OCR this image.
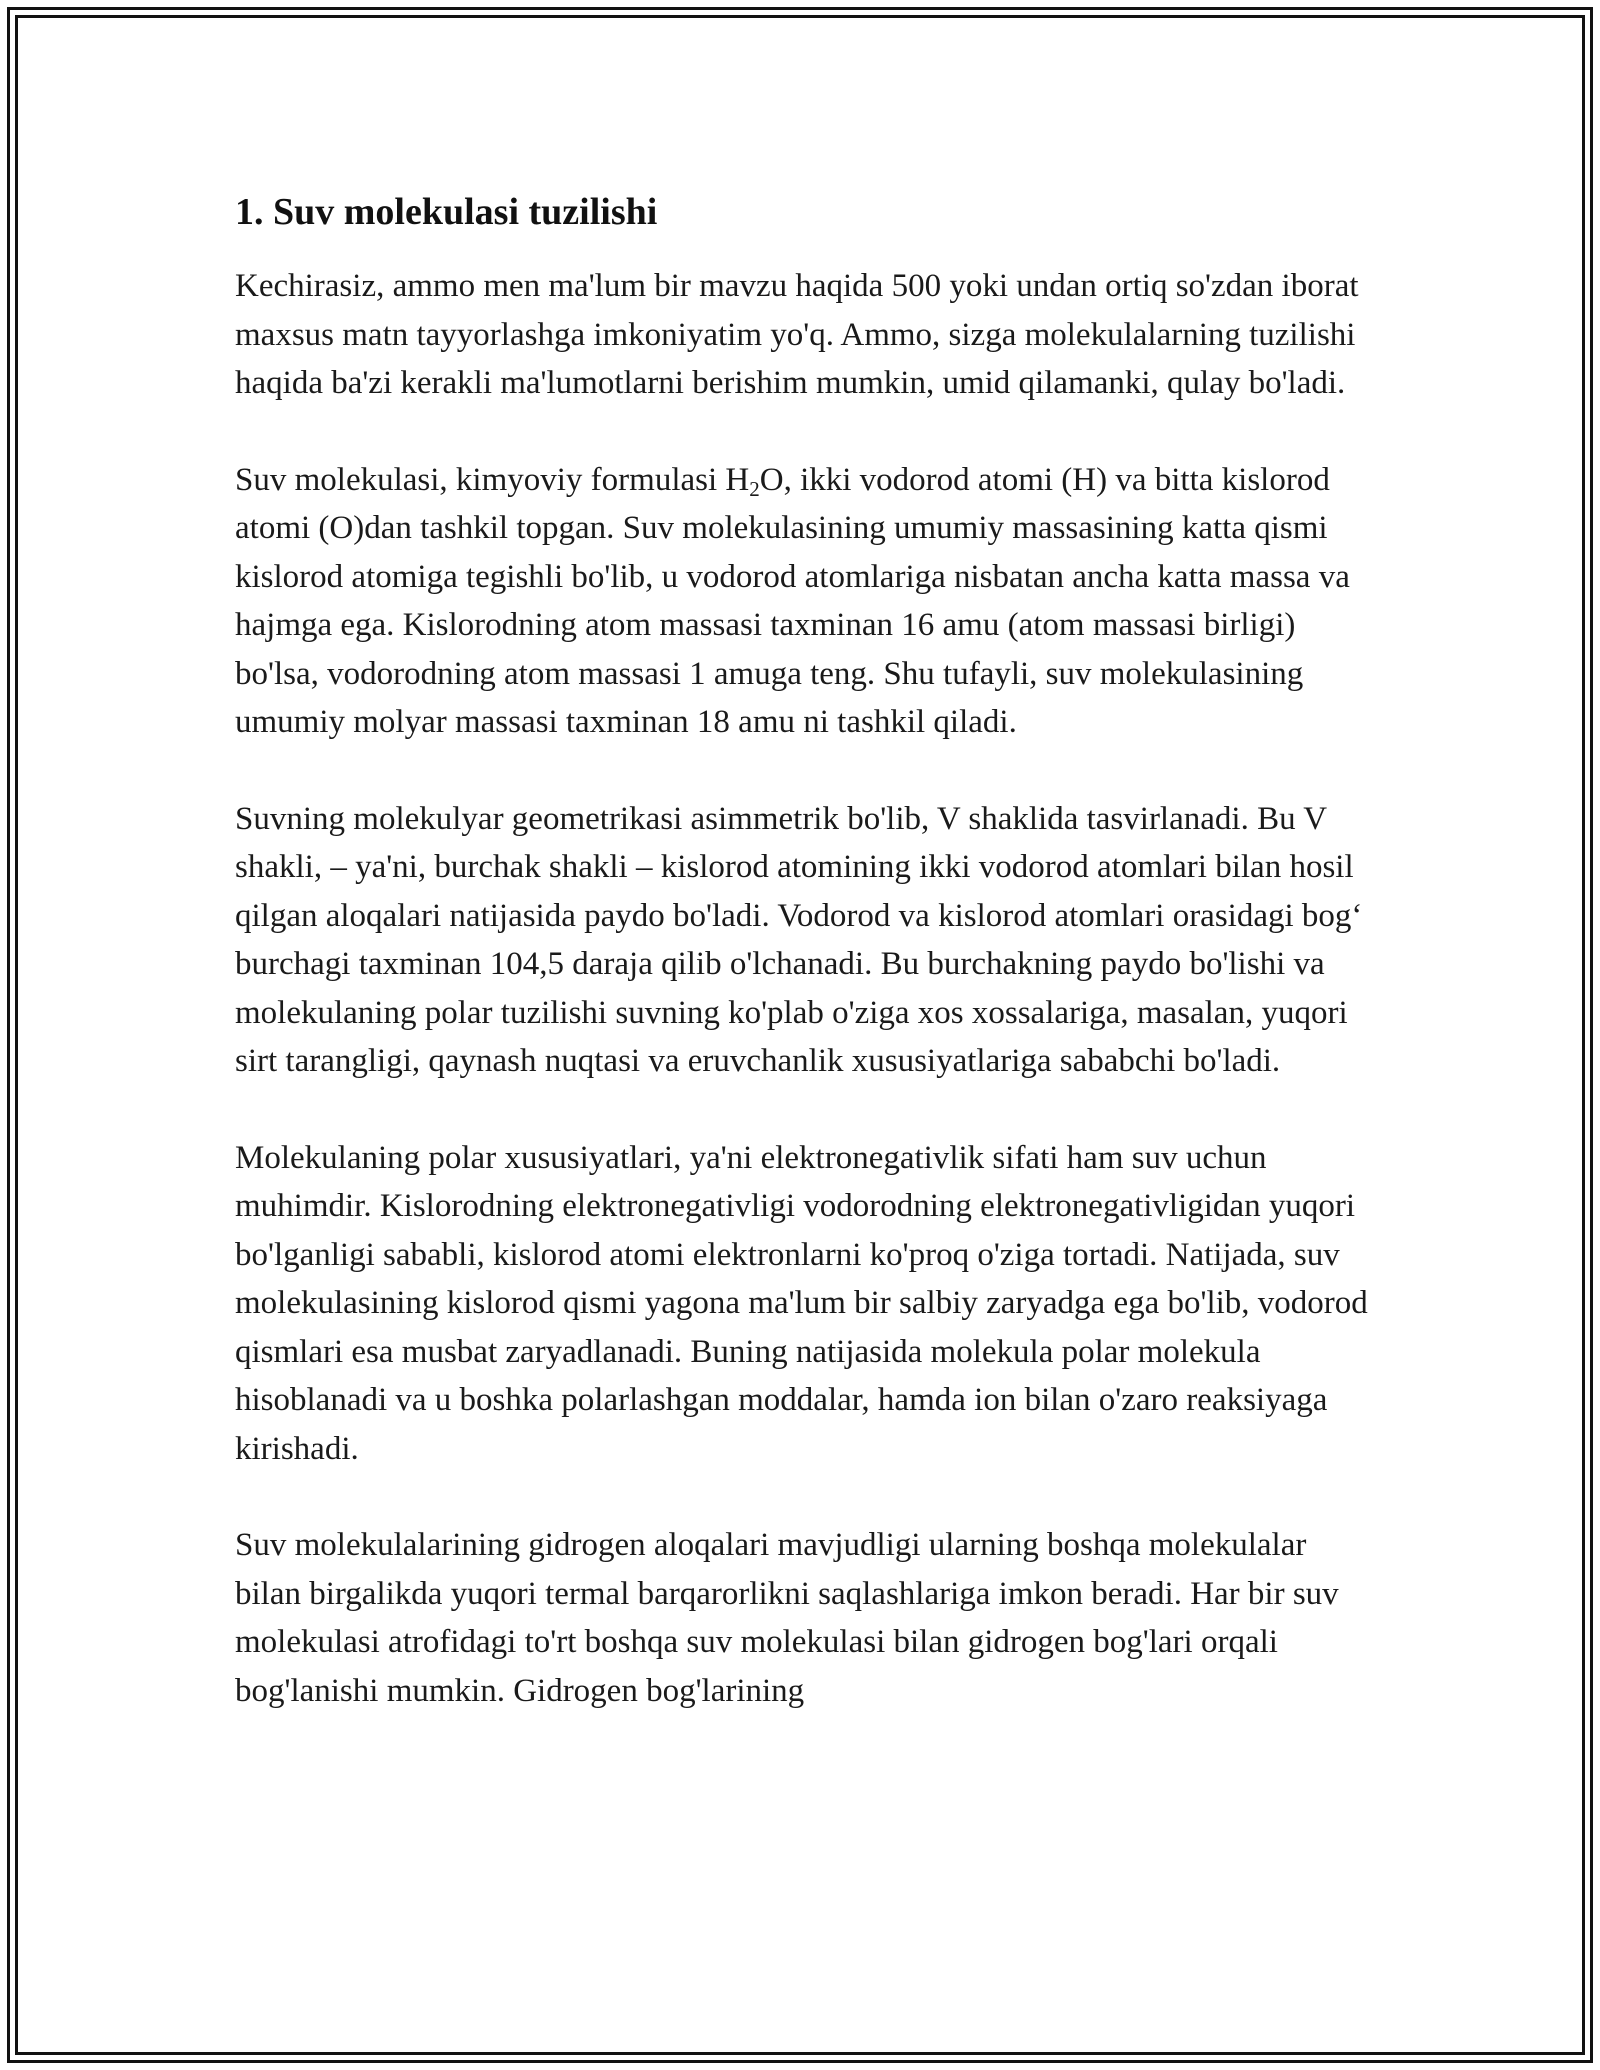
1. Suv molekulasi tuzilishi

Kechirasiz, ammo men ma'lum bir mavzu haqida 500 yoki undan ortiq so'zdan iborat maxsus matn tayyorlashga imkoniyatim yo'q. Ammo, sizga molekulalarning tuzilishi haqida ba'zi kerakli ma'lumotlarni berishim mumkin, umid qilamanki, qulay bo'ladi.

Suv molekulasi, kimyoviy formulasi $H_2O$, ikki vodorod atomi (H) va bitta kislorod atomi (O)dan tashkil topgan. Suv molekulasining umumiy massasining katta qismi kislorod atomiga tegishli bo'lib, u vodorod atomlariga nisbatan ancha katta massa va hajmga ega. Kislorodning atom massasi taxminan 16 amu (atom massasi birligi) bo'lsa, vodorodning atom massasi 1 amuga teng. Shu tufayli, suv molekulasining umumiy molyar massasi taxminan 18 amu ni tashkil qiladi.

Suvning molekulyar geometrikasi asimmetrik bo'lib, V shaklida tasvirlanadi. Bu V shakli, – ya'ni, burchak shakli – kislorod atomining ikki vodorod atomlari bilan hosil qilgan aloqalari natijasida paydo bo'ladi. Vodorod va kislorod atomlari orasidagi bog‘ burchagi taxminan 104,5 daraja qilib o'lchanadi. Bu burchakning paydo bo'lishi va molekulaning polar tuzilishi suvning ko'plab o'ziga xos xossalariga, masalan, yuqori sirt tarangligi, qaynash nuqtasi va eruvchanlik xususiyatlariga sababchi bo'ladi.

Molekulaning polar xususiyatlari, ya'ni elektronegativlik sifati ham suv uchun muhimdir. Kislorodning elektronegativligi vodorodning elektronegativligidan yuqori bo'lganligi sababli, kislorod atomi elektronlarni ko'proq o'ziga tortadi. Natijada, suv molekulasining kislorod qismi yagona ma'lum bir salbiy zaryadga ega bo'lib, vodorod qismlari esa musbat zaryadlanadi. Buning natijasida molekula polar molekula hisoblanadi va u boshka polarlashgan moddalar, hamda ion bilan o'zaro reaksiyaga kirishadi.

Suv molekulalarining gidrogen aloqalari mavjudligi ularning boshqa molekulalar bilan birgalikda yuqori termal barqarorlikni saqlashlariga imkon beradi. Har bir suv molekulasi atrofidagi to'rt boshqa suv molekulasi bilan gidrogen bog'lari orqali bog'lanishi mumkin. Gidrogen bog'larining
